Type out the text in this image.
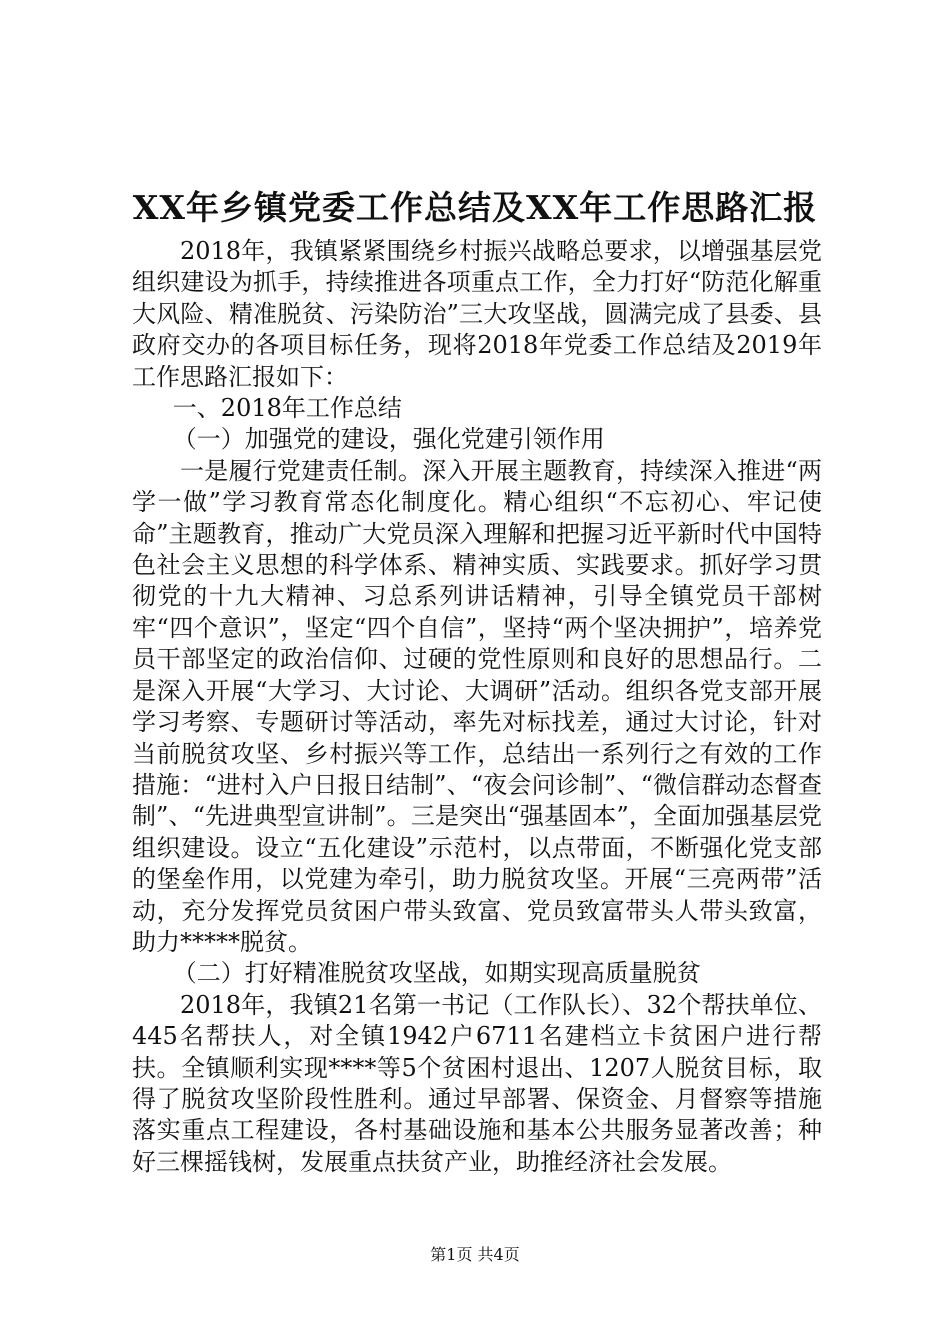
XX年乡镇党委工作总结及XX年工作思路汇报

2018年，我镇紧紧围绕乡村振兴战略总要求，以增强基层党组织建设为抓手，持续推进各项重点工作，全力打好“防范化解重大风险、精准脱贫、污染防治”三大攻坚战，圆满完成了县委、县政府交办的各项目标任务，现将2018年党委工作总结及2019年工作思路汇报如下：

一、2018年工作总结

（一）加强党的建设，强化党建引领作用

一是履行党建责任制。深入开展主题教育，持续深入推进“两学一做”学习教育常态化制度化。精心组织“不忘初心、牢记使命”主题教育，推动广大党员深入理解和把握习近平新时代中国特色社会主义思想的科学体系、精神实质、实践要求。抓好学习贯彻党的十九大精神、习总系列讲话精神，引导全镇党员干部树牢“四个意识”，坚定“四个自信”，坚持“两个坚决拥护”，培养党员干部坚定的政治信仰、过硬的党性原则和良好的思想品行。二是深入开展“大学习、大讨论、大调研”活动。组织各党支部开展学习考察、专题研讨等活动，率先对标找差，通过大讨论，针对当前脱贫攻坚、乡村振兴等工作，总结出一系列行之有效的工作措施：“进村入户日报日结制”、“夜会问诊制”、“微信群动态督查制”、“先进典型宣讲制”。三是突出“强基固本”，全面加强基层党组织建设。设立“五化建设”示范村，以点带面，不断强化党支部的堡垒作用，以党建为牵引，助力脱贫攻坚。开展“三亮两带”活动，充分发挥党员贫困户带头致富、党员致富带头人带头致富，助力*****脱贫。

（二）打好精准脱贫攻坚战，如期实现高质量脱贫

2018年，我镇21名第一书记（工作队长）、32个帮扶单位、445名帮扶人，对全镇1942户6711名建档立卡贫困户进行帮扶。全镇顺利实现****等5个贫困村退出、1207人脱贫目标，取得了脱贫攻坚阶段性胜利。通过早部署、保资金、月督察等措施落实重点工程建设，各村基础设施和基本公共服务显著改善；种好三棵摇钱树，发展重点扶贫产业，助推经济社会发展。

第1页 共4页
